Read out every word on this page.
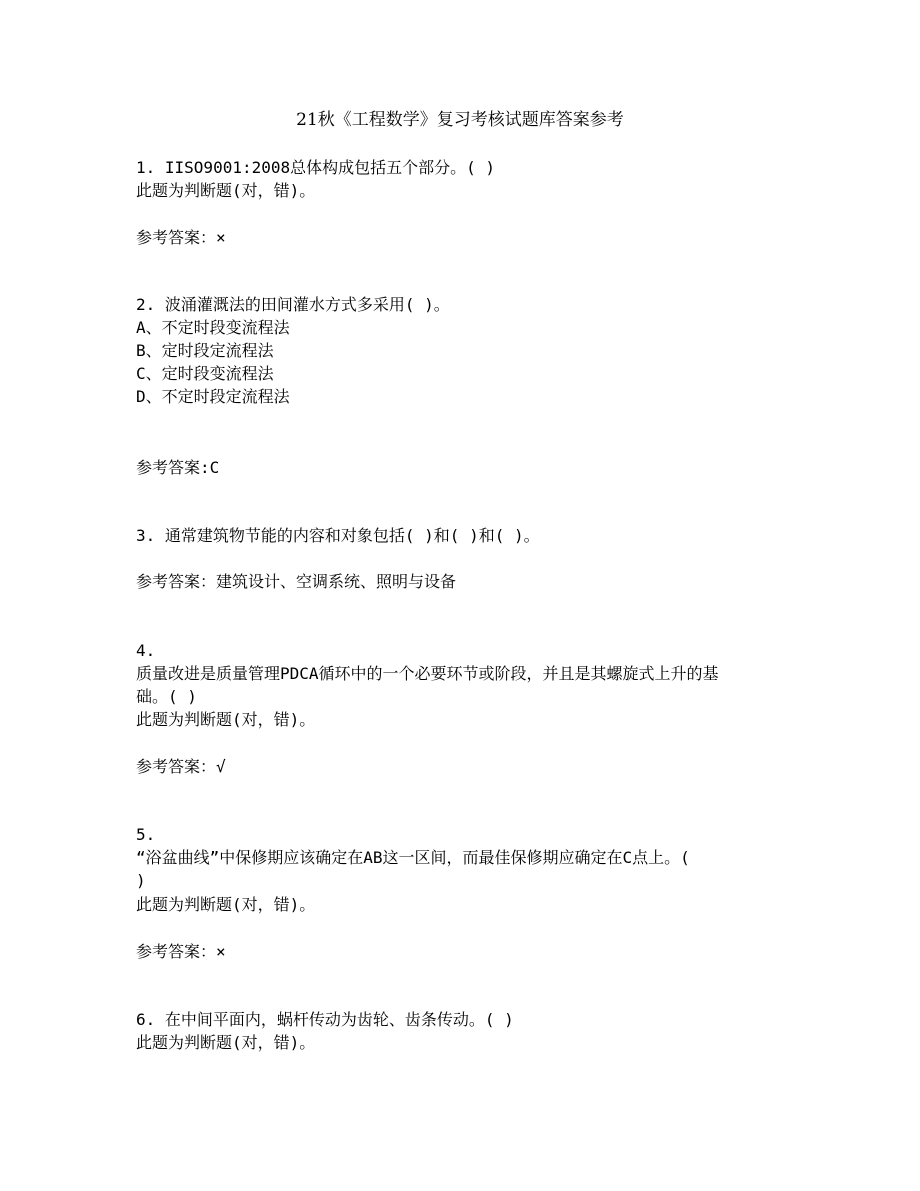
21秋《工程数学》复习考核试题库答案参考
1. IISO9001:2008总体构成包括五个部分。( )
此题为判断题(对，错)。
参考答案：×
2. 波涌灌溉法的田间灌水方式多采用( )。
A、不定时段变流程法
B、定时段定流程法
C、定时段变流程法
D、不定时段定流程法
参考答案:C
3. 通常建筑物节能的内容和对象包括( )和( )和( )。
参考答案：建筑设计、空调系统、照明与设备
4.
质量改进是质量管理PDCA循环中的一个必要环节或阶段，并且是其螺旋式上升的基
础。( )
此题为判断题(对，错)。
参考答案：√
5.
“浴盆曲线”中保修期应该确定在AB这一区间，而最佳保修期应确定在C点上。(
)
此题为判断题(对，错)。
参考答案：×
6. 在中间平面内，蜗杆传动为齿轮、齿条传动。( )
此题为判断题(对，错)。
